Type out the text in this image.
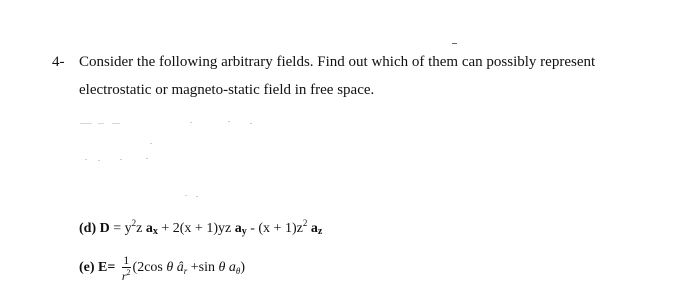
4- Consider the following arbitrary fields. Find out which of them can possibly represent
electrostatic or magneto-static field in free space.
(d) $D = y^2z$ $a_x + 2(x + 1)yz$ $a_y - (x + 1)z^2$ $a_z$
(e) $E= \frac{1}{r^2} (2\cos$ θ $â_r +\sin$ θ $a_\theta$)
